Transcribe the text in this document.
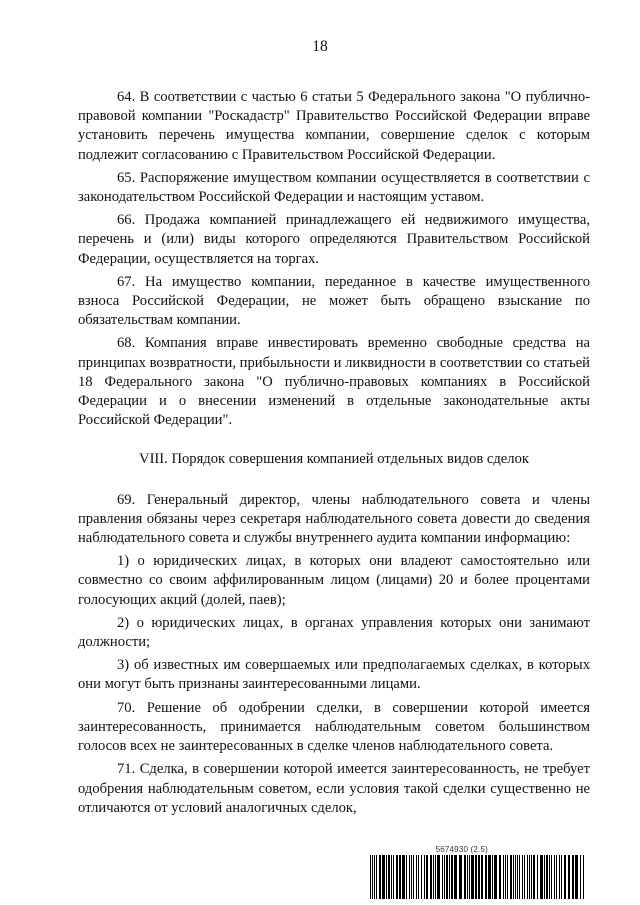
18

64. В соответствии с частью 6 статьи 5 Федерального закона "О публично-правовой компании "Роскадастр" Правительство Российской Федерации вправе установить перечень имущества компании, совершение сделок с которым подлежит согласованию с Правительством Российской Федерации.

65. Распоряжение имуществом компании осуществляется в соответствии с законодательством Российской Федерации и настоящим уставом.

66. Продажа компанией принадлежащего ей недвижимого имущества, перечень и (или) виды которого определяются Правительством Российской Федерации, осуществляется на торгах.

67. На имущество компании, переданное в качестве имущественного взноса Российской Федерации, не может быть обращено взыскание по обязательствам компании.

68. Компания вправе инвестировать временно свободные средства на принципах возвратности, прибыльности и ликвидности в соответствии со статьей 18 Федерального закона "О публично-правовых компаниях в Российской Федерации и о внесении изменений в отдельные законодательные акты Российской Федерации".

VIII. Порядок совершения компанией отдельных видов сделок

69. Генеральный директор, члены наблюдательного совета и члены правления обязаны через секретаря наблюдательного совета довести до сведения наблюдательного совета и службы внутреннего аудита компании информацию:

1) о юридических лицах, в которых они владеют самостоятельно или совместно со своим аффилированным лицом (лицами) 20 и более процентами голосующих акций (долей, паев);

2) о юридических лицах, в органах управления которых они занимают должности;

3) об известных им совершаемых или предполагаемых сделках, в которых они могут быть признаны заинтересованными лицами.

70. Решение об одобрении сделки, в совершении которой имеется заинтересованность, принимается наблюдательным советом большинством голосов всех не заинтересованных в сделке членов наблюдательного совета.

71. Сделка, в совершении которой имеется заинтересованность, не требует одобрения наблюдательным советом, если условия такой сделки существенно не отличаются от условий аналогичных сделок,

5674930 (2.5)
